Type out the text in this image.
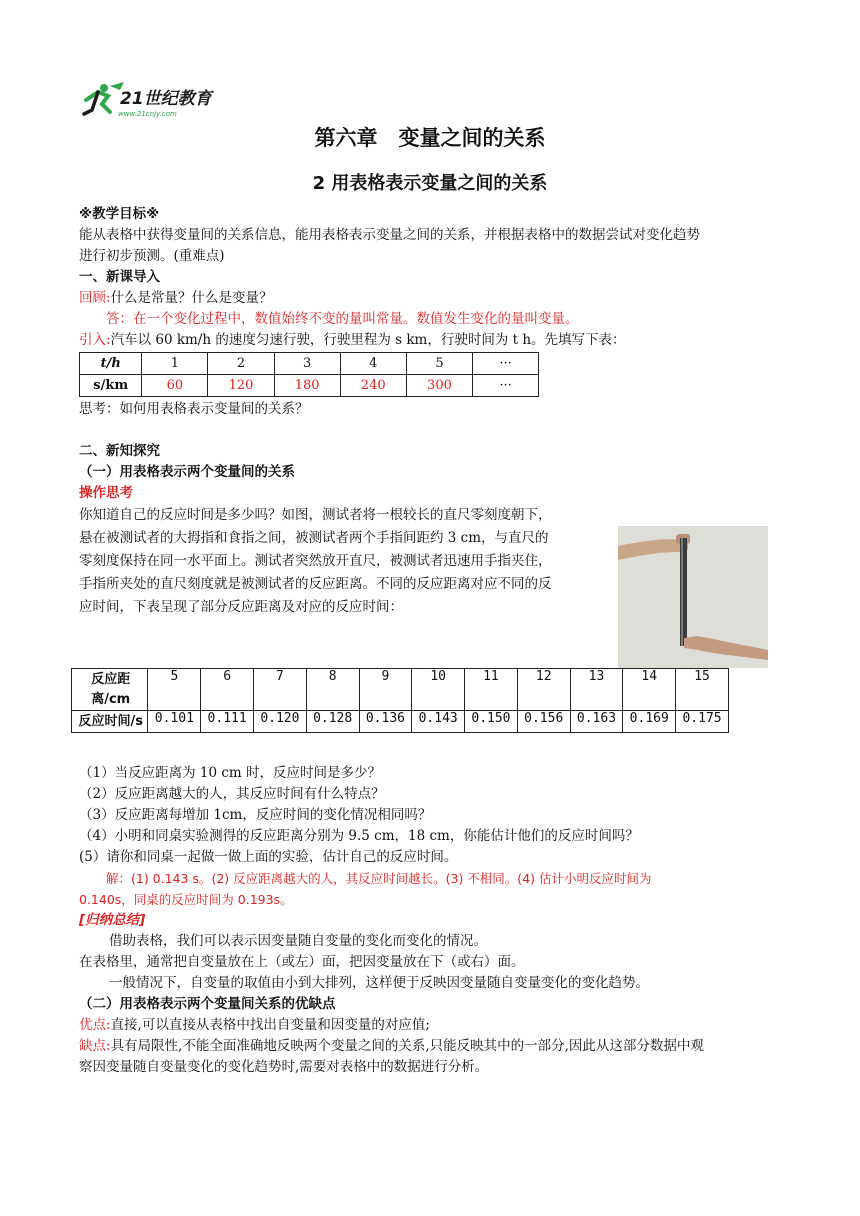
21世纪教育
www.21cnjy.com
第六章　变量之间的关系
2 用表格表示变量之间的关系
※教学目标※
能从表格中获得变量间的关系信息，能用表格表示变量之间的关系，并根据表格中的数据尝试对变化趋势
进行初步预测。(重难点)
一、新课导入
回顾:什么是常量？什么是变量？
答：在一个变化过程中，数值始终不变的量叫常量。数值发生变化的量叫变量。
引入:汽车以 60 km/h 的速度匀速行驶，行驶里程为 s km，行驶时间为 t h。先填写下表：
t/h	1	2	3	4	5	···
s/km	60	120	180	240	300	···
思考：如何用表格表示变量间的关系？
二、新知探究
（一）用表格表示两个变量间的关系
操作思考
你知道自己的反应时间是多少吗？如图，测试者将一根较长的直尺零刻度朝下，
悬在被测试者的大拇指和食指之间，被测试者两个手指间距约 3 cm，与直尺的
零刻度保持在同一水平面上。测试者突然放开直尺，被测试者迅速用手指夹住，
手指所夹处的直尺刻度就是被测试者的反应距离。不同的反应距离对应不同的反
应时间，下表呈现了部分反应距离及对应的反应时间：
反应距离/cm	5	6	7	8	9	10	11	12	13	14	15
反应时间/s	0.101	0.111	0.120	0.128	0.136	0.143	0.150	0.156	0.163	0.169	0.175
（1）当反应距离为 10 cm 时，反应时间是多少？
（2）反应距离越大的人，其反应时间有什么特点？
（3）反应距离每增加 1cm，反应时间的变化情况相同吗？
（4）小明和同桌实验测得的反应距离分别为 9.5 cm，18 cm，你能估计他们的反应时间吗？
(5）请你和同桌一起做一做上面的实验，估计自己的反应时间。
解：(1) 0.143 s。(2) 反应距离越大的人，其反应时间越长。(3) 不相同。(4) 估计小明反应时间为
0.140s，同桌的反应时间为 0.193s。
[归纳总结]
借助表格，我们可以表示因变量随自变量的变化而变化的情况。
在表格里，通常把自变量放在上（或左）面，把因变量放在下（或右）面。
一般情况下，自变量的取值由小到大排列，这样便于反映因变量随自变量变化的变化趋势。
（二）用表格表示两个变量间关系的优缺点
优点:直接,可以直接从表格中找出自变量和因变量的对应值;
缺点:具有局限性,不能全面准确地反映两个变量之间的关系,只能反映其中的一部分,因此从这部分数据中观
察因变量随自变量变化的变化趋势时,需要对表格中的数据进行分析。
